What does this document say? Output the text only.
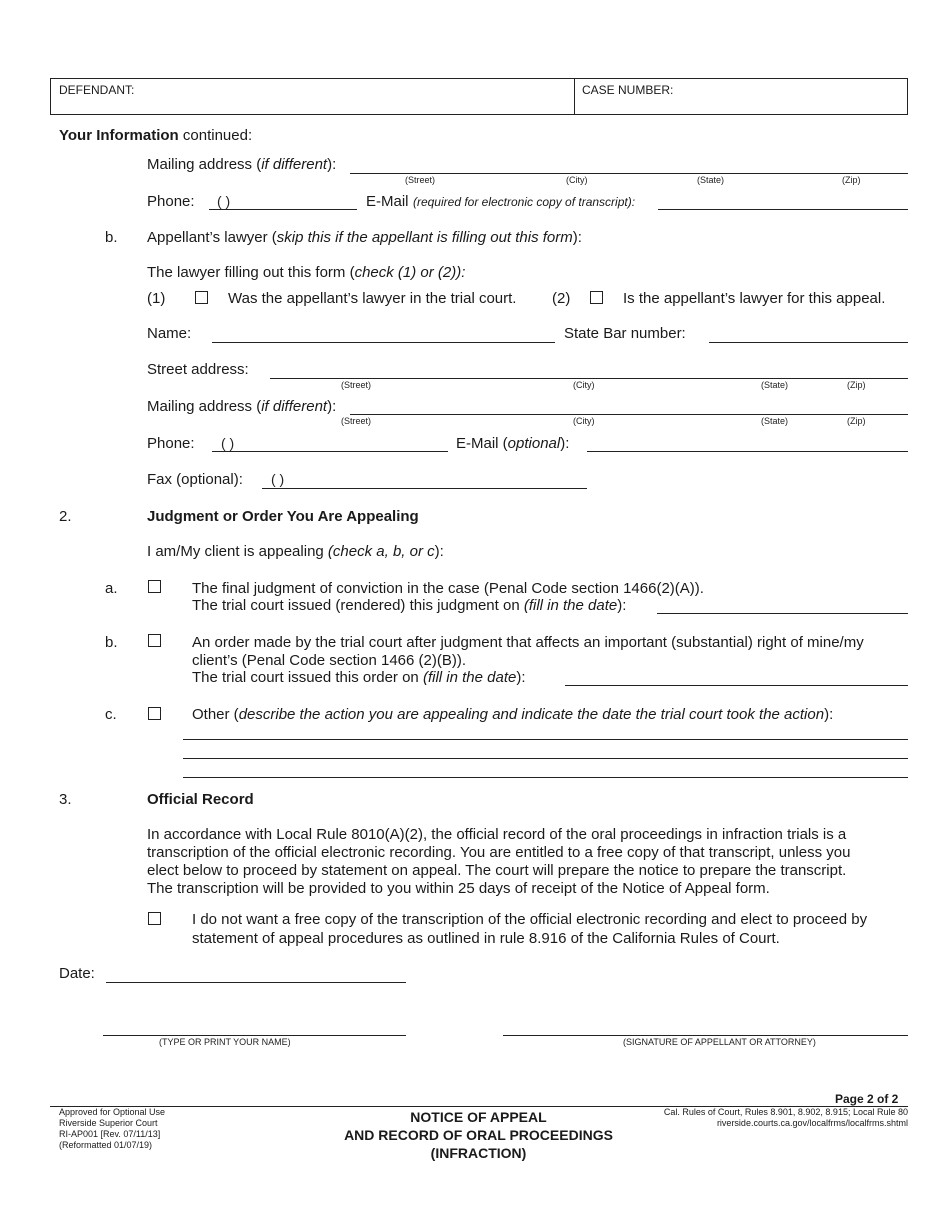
DEFENDANT:	CASE NUMBER:
Your Information continued:
Mailing address (if different):
(Street)	(City)	(State)	(Zip)
Phone: ( )	E-Mail (required for electronic copy of transcript):
b. Appellant’s lawyer (skip this if the appellant is filling out this form):
The lawyer filling out this form (check (1) or (2)):
(1)	Was the appellant’s lawyer in the trial court. (2)	Is the appellant’s lawyer for this appeal.
Name:	State Bar number:
Street address:
(Street)	(City)	(State)	(Zip)
Mailing address (if different):
(Street)	(City)	(State)	(Zip)
Phone: ( )	E-Mail (optional):
Fax (optional): ( )
2.	Judgment or Order You Are Appealing
I am/My client is appealing (check a, b, or c):
a.	The final judgment of conviction in the case (Penal Code section 1466(2)(A)).
The trial court issued (rendered) this judgment on (fill in the date):
b.	An order made by the trial court after judgment that affects an important (substantial) right of mine/my
client’s (Penal Code section 1466 (2)(B)).
The trial court issued this order on (fill in the date):
c.	Other (describe the action you are appealing and indicate the date the trial court took the action):
3.	Official Record
In accordance with Local Rule 8010(A)(2), the official record of the oral proceedings in infraction trials is a
transcription of the official electronic recording. You are entitled to a free copy of that transcript, unless you
elect below to proceed by statement on appeal. The court will prepare the notice to prepare the transcript.
The transcription will be provided to you within 25 days of receipt of the Notice of Appeal form.
I do not want a free copy of the transcription of the official electronic recording and elect to proceed by
statement of appeal procedures as outlined in rule 8.916 of the California Rules of Court.
Date:
(TYPE OR PRINT YOUR NAME)	(SIGNATURE OF APPELLANT OR ATTORNEY)
Page 2 of 2
Approved for Optional Use
Riverside Superior Court
RI-AP001 [Rev. 07/11/13]
(Reformatted 01/07/19)
NOTICE OF APPEAL
AND RECORD OF ORAL PROCEEDINGS
(INFRACTION)
Cal. Rules of Court, Rules 8.901, 8.902, 8.915; Local Rule 80
riverside.courts.ca.gov/localfrms/localfrms.shtml
